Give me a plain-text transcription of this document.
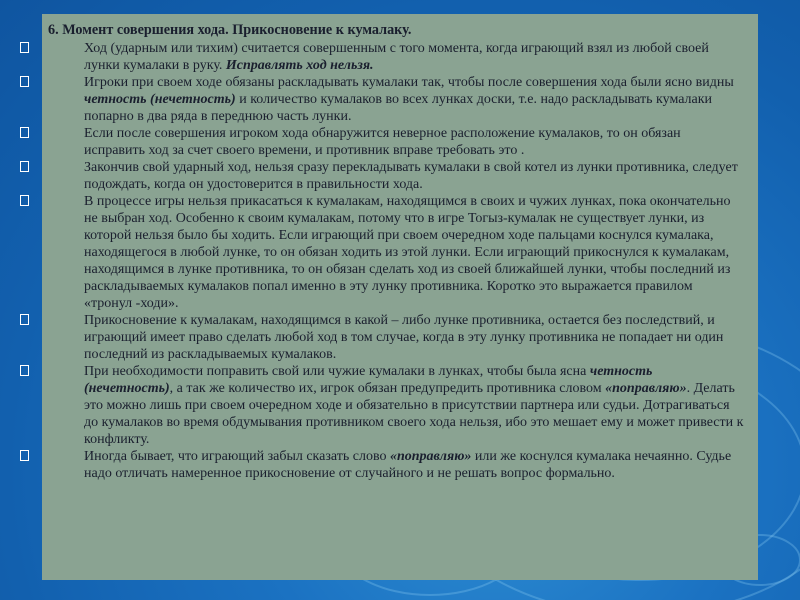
6. Момент совершения хода. Прикосновение к кумалаку.
Ход (ударным или тихим) считается совершенным с того момента, когда играющий взял из любой своей лунки кумалаки в руку. Исправлять ход нельзя.
Игроки при своем ходе обязаны раскладывать кумалаки так, чтобы после совершения хода были ясно видны четность (нечетность) и количество кумалаков во всех лунках доски, т.е. надо раскладывать кумалаки попарно в два ряда в переднюю часть лунки.
Если после совершения игроком хода обнаружится неверное расположение кумалаков, то он обязан исправить ход за счет своего времени, и противник вправе требовать это .
Закончив свой ударный ход, нельзя сразу перекладывать кумалаки в свой котел из лунки противника, следует подождать, когда он удостоверится в правильности хода.
В процессе игры нельзя прикасаться к кумалакам, находящимся в своих и чужих лунках, пока окончательно не выбран ход. Особенно к своим кумалакам, потому что в игре Тогыз-кумалак не существует лунки, из которой нельзя было бы ходить. Если играющий при своем очередном ходе пальцами коснулся кумалака, находящегося в любой лунке, то он обязан ходить из этой лунки. Если играющий прикоснулся к кумалакам, находящимся в лунке противника, то он обязан сделать ход из своей ближайшей лунки, чтобы последний из раскладываемых кумалаков попал именно в эту лунку противника. Коротко это выражается правилом «тронул -ходи».
Прикосновение к кумалакам, находящимся в какой – либо лунке противника, остается без последствий, и играющий имеет право сделать любой ход в том случае, когда в эту лунку противника не попадает ни один последний из раскладываемых кумалаков.
При необходимости поправить свой или чужие кумалаки в лунках, чтобы была ясна четность (нечетность), а так же количество их, игрок обязан предупредить противника словом «поправляю». Делать это можно лишь при своем очередном ходе и обязательно в присутствии партнера или судьи. Дотрагиваться до кумалаков во время обдумывания противником своего хода нельзя, ибо это мешает ему и может привести к конфликту.
Иногда бывает, что играющий забыл сказать слово «поправляю» или же коснулся кумалака нечаянно. Судье надо отличать намеренное прикосновение от случайного и не решать вопрос формально.
